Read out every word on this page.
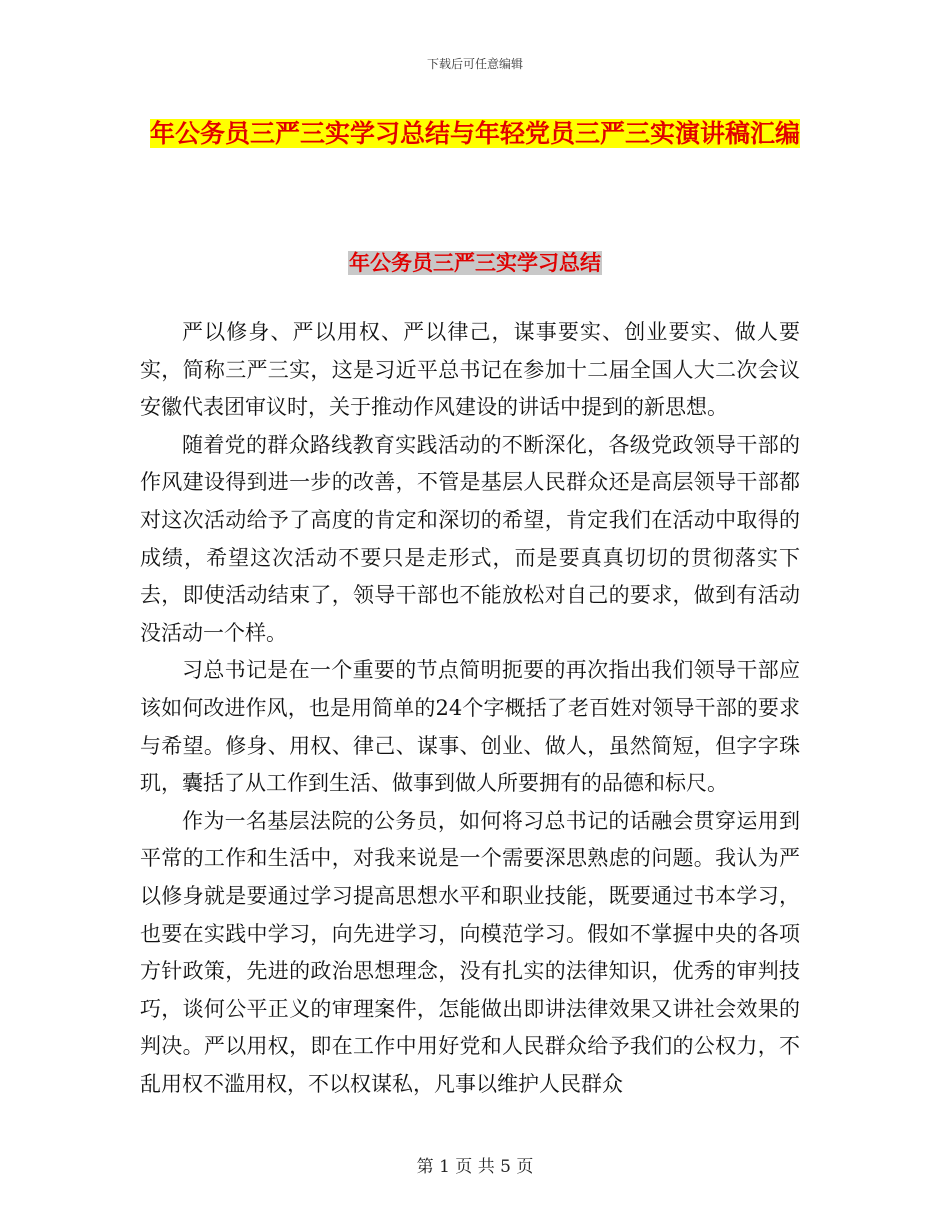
下载后可任意编辑
年公务员三严三实学习总结与年轻党员三严三实演讲稿汇编
年公务员三严三实学习总结

严以修身、严以用权、严以律己，谋事要实、创业要实、做人要实，简称三严三实，这是习近平总书记在参加十二届全国人大二次会议安徽代表团审议时，关于推动作风建设的讲话中提到的新思想。

随着党的群众路线教育实践活动的不断深化，各级党政领导干部的作风建设得到进一步的改善，不管是基层人民群众还是高层领导干部都对这次活动给予了高度的肯定和深切的希望，肯定我们在活动中取得的成绩，希望这次活动不要只是走形式，而是要真真切切的贯彻落实下去，即使活动结束了，领导干部也不能放松对自己的要求，做到有活动没活动一个样。

习总书记是在一个重要的节点简明扼要的再次指出我们领导干部应该如何改进作风，也是用简单的24个字概括了老百姓对领导干部的要求与希望。修身、用权、律己、谋事、创业、做人，虽然简短，但字字珠玑，囊括了从工作到生活、做事到做人所要拥有的品德和标尺。

作为一名基层法院的公务员，如何将习总书记的话融会贯穿运用到平常的工作和生活中，对我来说是一个需要深思熟虑的问题。我认为严以修身就是要通过学习提高思想水平和职业技能，既要通过书本学习，也要在实践中学习，向先进学习，向模范学习。假如不掌握中央的各项方针政策，先进的政治思想理念，没有扎实的法律知识，优秀的审判技巧，谈何公平正义的审理案件，怎能做出即讲法律效果又讲社会效果的判决。严以用权，即在工作中用好党和人民群众给予我们的公权力，不乱用权不滥用权，不以权谋私，凡事以维护人民群众

第 1 页 共 5 页
